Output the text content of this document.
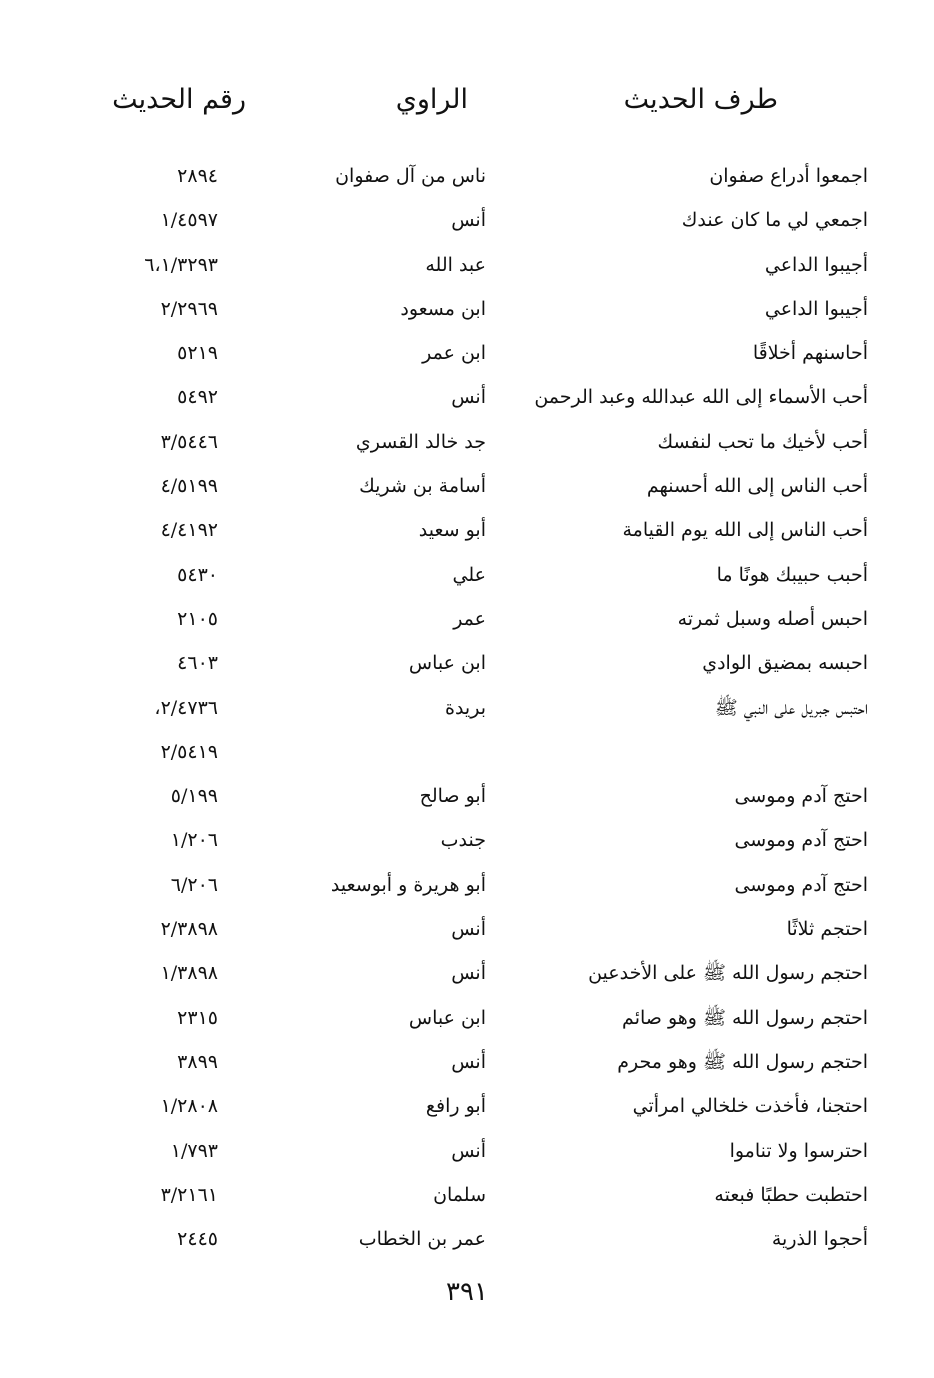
طرف الحديث
الراوي
رقم الحديث
اجمعوا أدراع صفوان
ناس من آل صفوان
٢٨٩٤
اجمعي لي ما كان عندك
أنس
١/٤٥٩٧
أجيبوا الداعي
عبد الله
٦،١/٣٢٩٣
أجيبوا الداعي
ابن مسعود
٢/٢٩٦٩
أحاسنهم أخلاقًا
ابن عمر
٥٢١٩
أحب الأسماء إلى الله عبدالله وعبد الرحمن
أنس
٥٤٩٢
أحب لأخيك ما تحب لنفسك
جد خالد القسري
٣/٥٤٤٦
أحب الناس إلى الله أحسنهم
أسامة بن شريك
٤/٥١٩٩
أحب الناس إلى الله يوم القيامة
أبو سعيد
٤/٤١٩٢
أحبب حبيبك هونًا ما
علي
٥٤٣٠
احبس أصله وسبل ثمرته
عمر
٢١٠٥
احبسه بمضيق الوادي
ابن عباس
٤٦٠٣
احتبس جبريل على النبي ﷺ
بريدة
٢/٤٧٣٦،
٢/٥٤١٩
احتج آدم وموسى
أبو صالح
٥/١٩٩
احتج آدم وموسى
جندب
١/٢٠٦
احتج آدم وموسى
أبو هريرة و أبوسعيد
٦/٢٠٦
احتجم ثلاثًا
أنس
٢/٣٨٩٨
احتجم رسول الله ﷺ على الأخدعين
أنس
١/٣٨٩٨
احتجم رسول الله ﷺ وهو صائم
ابن عباس
٢٣١٥
احتجم رسول الله ﷺ وهو محرم
أنس
٣٨٩٩
احتجنا، فأخذت خلخالي امرأتي
أبو رافع
١/٢٨٠٨
احترسوا ولا تناموا
أنس
١/٧٩٣
احتطبت حطبًا فبعته
سلمان
٣/٢١٦١
أحجوا الذرية
عمر بن الخطاب
٢٤٤٥
٣٩١
